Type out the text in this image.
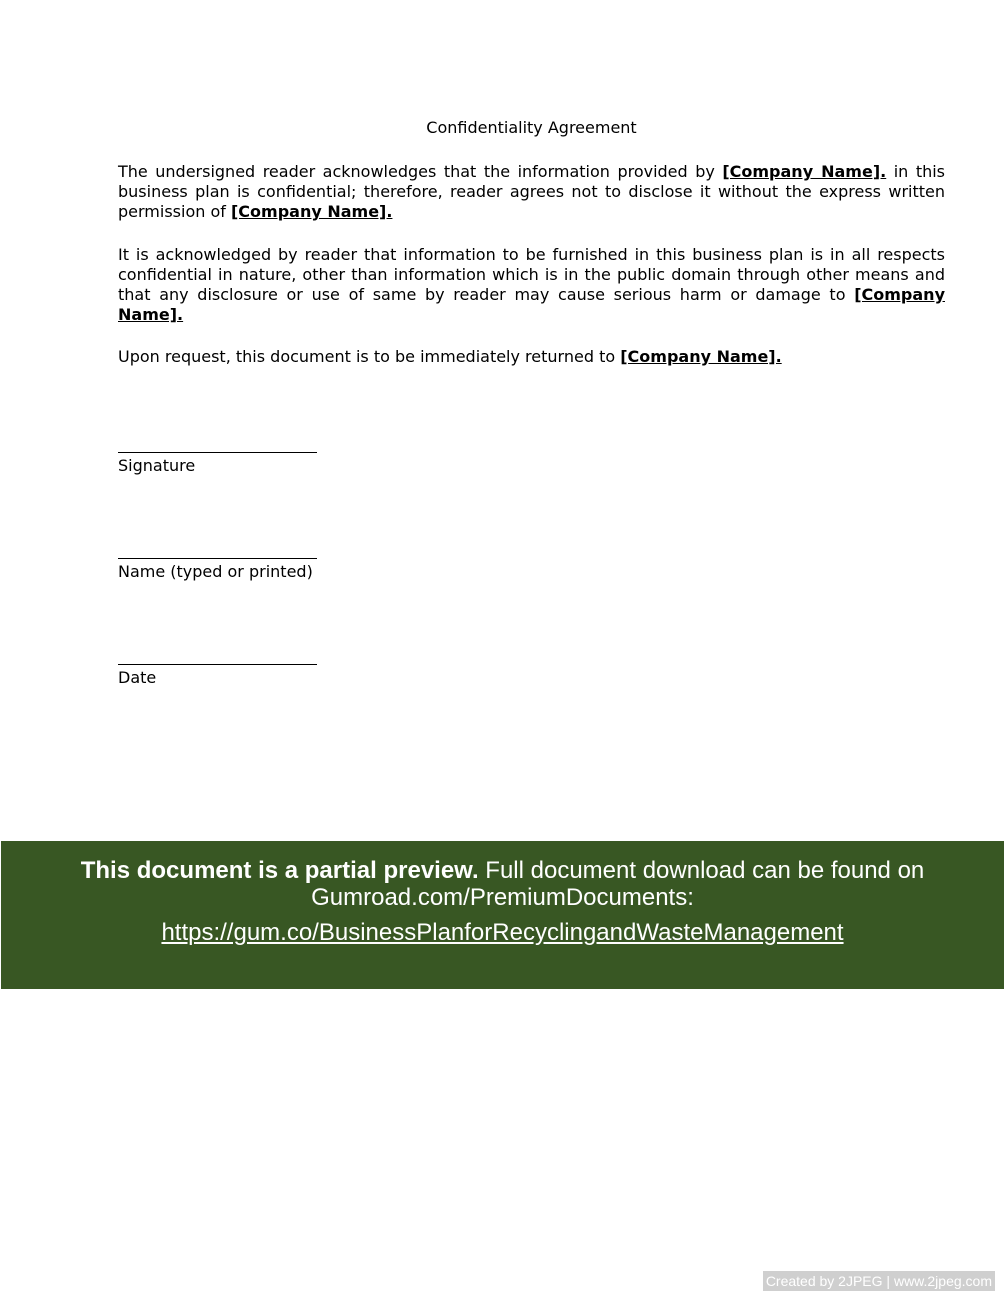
Confidentiality Agreement

The undersigned reader acknowledges that the information provided by [Company Name]. in this business plan is confidential; therefore, reader agrees not to disclose it without the express written permission of [Company Name].

It is acknowledged by reader that information to be furnished in this business plan is in all respects confidential in nature, other than information which is in the public domain through other means and that any disclosure or use of same by reader may cause serious harm or damage to [Company Name].

Upon request, this document is to be immediately returned to [Company Name].

Signature
Name (typed or printed)
Date
This document is a partial preview. Full document download can be found on Gumroad.com/PremiumDocuments:
https://gum.co/BusinessPlanforRecyclingandWasteManagement
Created by 2JPEG | www.2jpeg.com
